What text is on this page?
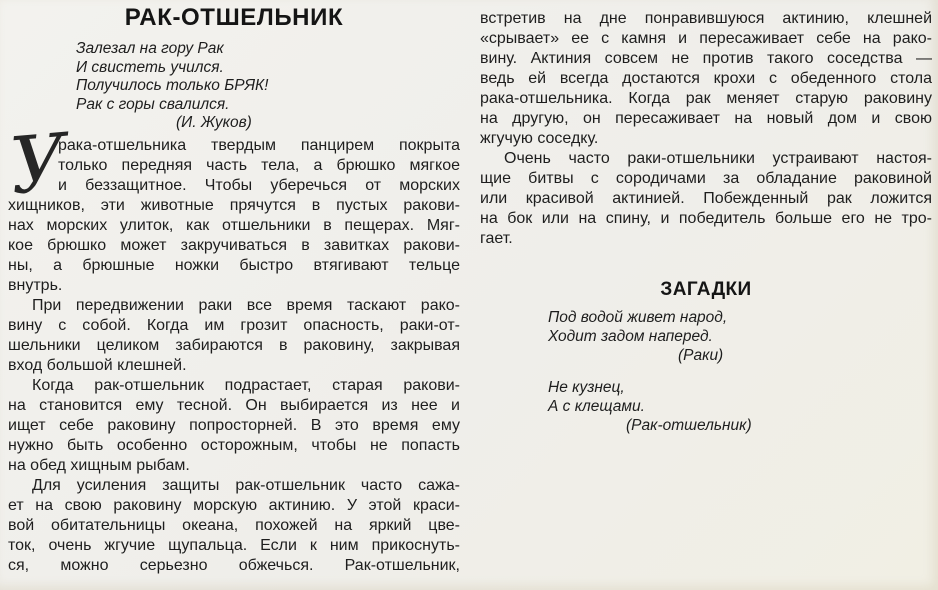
РАК-ОТШЕЛЬНИК
Залезал на гору Рак
И свистеть учился.
Получилось только БРЯК!
Рак с горы свалился.
(И. Жуков)
У
рака-отшельника твердым панцирем покрыта
только передняя часть тела, а брюшко мягкое
и беззащитное. Чтобы уберечься от морских
хищников, эти животные прячутся в пустых ракови-
нах морских улиток, как отшельники в пещерах. Мяг-
кое брюшко может закручиваться в завитках ракови-
ны, а брюшные ножки быстро втягивают тельце
внутрь.
При передвижении раки все время таскают рако-
вину с собой. Когда им грозит опасность, раки-от-
шельники целиком забираются в раковину, закрывая
вход большой клешней.
Когда рак-отшельник подрастает, старая ракови-
на становится ему тесной. Он выбирается из нее и
ищет себе раковину попросторней. В это время ему
нужно быть особенно осторожным, чтобы не попасть
на обед хищным рыбам.
Для усиления защиты рак-отшельник часто сажа-
ет на свою раковину морскую актинию. У этой краси-
вой обитательницы океана, похожей на яркий цве-
ток, очень жгучие щупальца. Если к ним прикоснуть-
ся, можно серьезно обжечься. Рак-отшельник,
встретив на дне понравившуюся актинию, клешней
«срывает» ее с камня и пересаживает себе на рако-
вину. Актиния совсем не против такого соседства —
ведь ей всегда достаются крохи с обеденного стола
рака-отшельника. Когда рак меняет старую раковину
на другую, он пересаживает на новый дом и свою
жгучую соседку.
Очень часто раки-отшельники устраивают настоя-
щие битвы с сородичами за обладание раковиной
или красивой актинией. Побежденный рак ложится
на бок или на спину, и победитель больше его не тро-
гает.
ЗАГАДКИ
Под водой живет народ,
Ходит задом наперед.
(Раки)
Не кузнец,
А с клещами.
(Рак-отшельник)
